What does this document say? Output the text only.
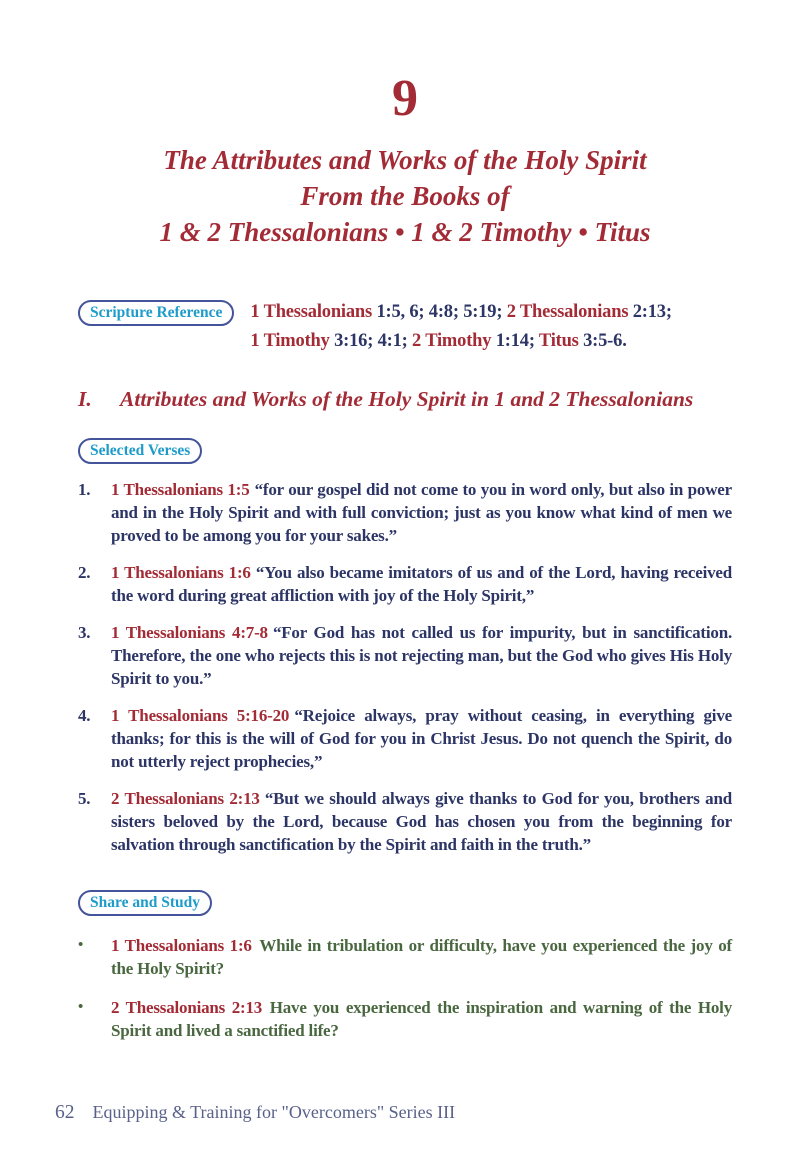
9
The Attributes and Works of the Holy Spirit
From the Books of
1 & 2 Thessalonians • 1 & 2 Timothy • Titus
Scripture Reference	1 Thessalonians 1:5, 6; 4:8; 5:19; 2 Thessalonians 2:13;
1 Timothy 3:16; 4:1; 2 Timothy 1:14; Titus 3:5-6.
I.	Attributes and Works of the Holy Spirit in 1 and 2 Thessalonians
Selected Verses
1.	1 Thessalonians 1:5 “for our gospel did not come to you in word only, but also in power and in the Holy Spirit and with full conviction; just as you know what kind of men we proved to be among you for your sakes.”
2.	1 Thessalonians 1:6 “You also became imitators of us and of the Lord, having received the word during great affliction with joy of the Holy Spirit,”
3.	1 Thessalonians 4:7-8 “For God has not called us for impurity, but in sanctification. Therefore, the one who rejects this is not rejecting man, but the God who gives His Holy Spirit to you.”
4.	1 Thessalonians 5:16-20 “Rejoice always, pray without ceasing, in everything give thanks; for this is the will of God for you in Christ Jesus. Do not quench the Spirit, do not utterly reject prophecies,”
5.	2 Thessalonians 2:13 “But we should always give thanks to God for you, brothers and sisters beloved by the Lord, because God has chosen you from the beginning for salvation through sanctification by the Spirit and faith in the truth.”
Share and Study
•	1 Thessalonians 1:6 While in tribulation or difficulty, have you experienced the joy of the Holy Spirit?
•	2 Thessalonians 2:13 Have you experienced the inspiration and warning of the Holy Spirit and lived a sanctified life?
62 Equipping & Training for "Overcomers" Series III
